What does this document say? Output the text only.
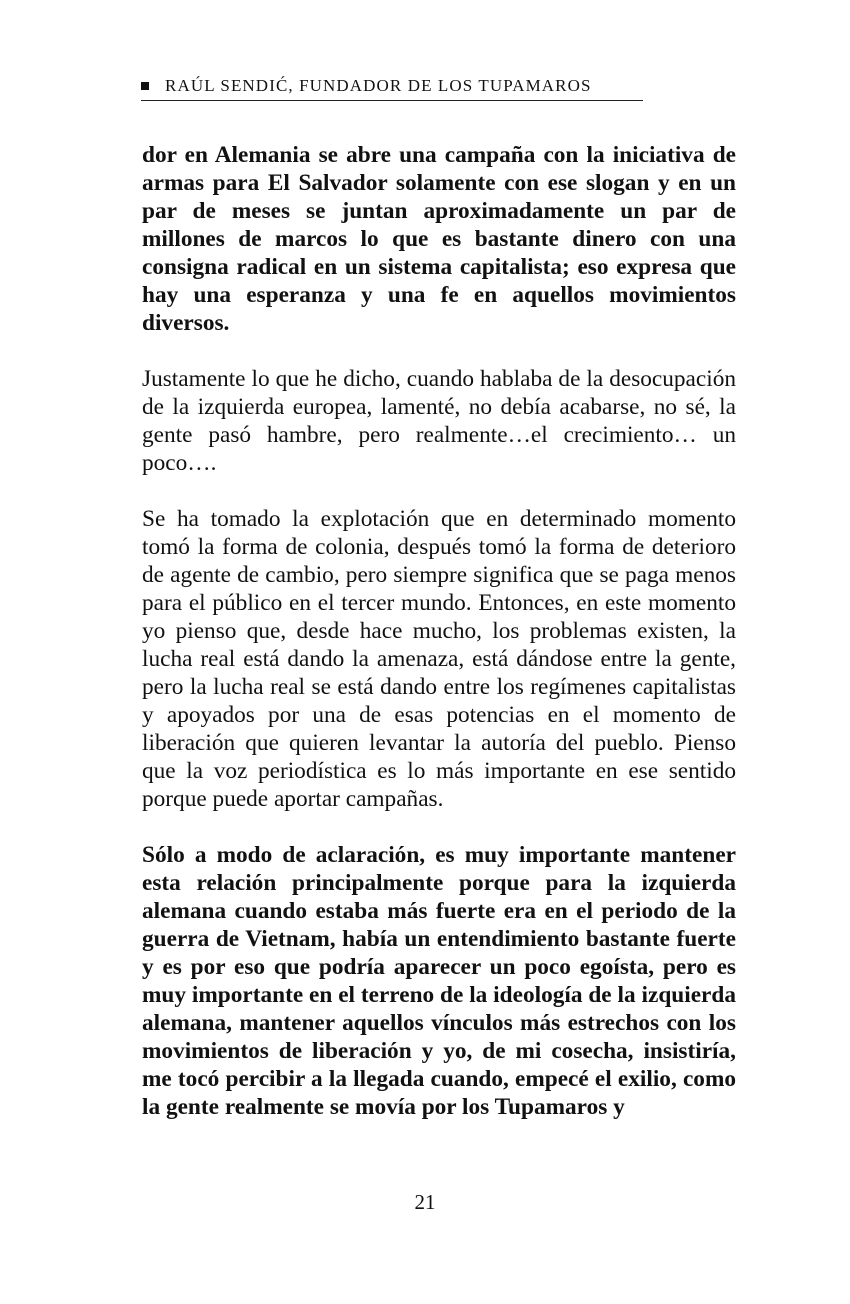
RAÚL SENDIĆ, FUNDADOR DE LOS TUPAMAROS

dor en Alemania se abre una campaña con la iniciativa de armas para El Salvador solamente con ese slogan y en un par de meses se juntan aproximadamente un par de millones de marcos lo que es bastante dinero con una consigna radical en un sistema capitalista; eso expresa que hay una esperanza y una fe en aquellos movimientos diversos.

Justamente lo que he dicho, cuando hablaba de la desocupación de la izquierda europea, lamenté, no debía acabarse, no sé, la gente pasó hambre, pero realmente…el crecimiento… un poco….

Se ha tomado la explotación que en determinado momento tomó la forma de colonia, después tomó la forma de deterioro de agente de cambio, pero siempre significa que se paga menos para el público en el tercer mundo. Entonces, en este momento yo pienso que, desde hace mucho, los problemas existen, la lucha real está dando la amenaza, está dándose entre la gente, pero la lucha real se está dando entre los regímenes capitalistas y apoyados por una de esas potencias en el momento de liberación que quieren levantar la autoría del pueblo. Pienso que la voz periodística es lo más importante en ese sentido porque puede aportar campañas.

Sólo a modo de aclaración, es muy importante mantener esta relación principalmente porque para la izquierda alemana cuando estaba más fuerte era en el periodo de la guerra de Vietnam, había un entendimiento bastante fuerte y es por eso que podría aparecer un poco egoísta, pero es muy importante en el terreno de la ideología de la izquierda alemana, mantener aquellos vínculos más estrechos con los movimientos de liberación y yo, de mi cosecha, insistiría, me tocó percibir a la llegada cuando, empecé el exilio, como la gente realmente se movía por los Tupamaros y

21
